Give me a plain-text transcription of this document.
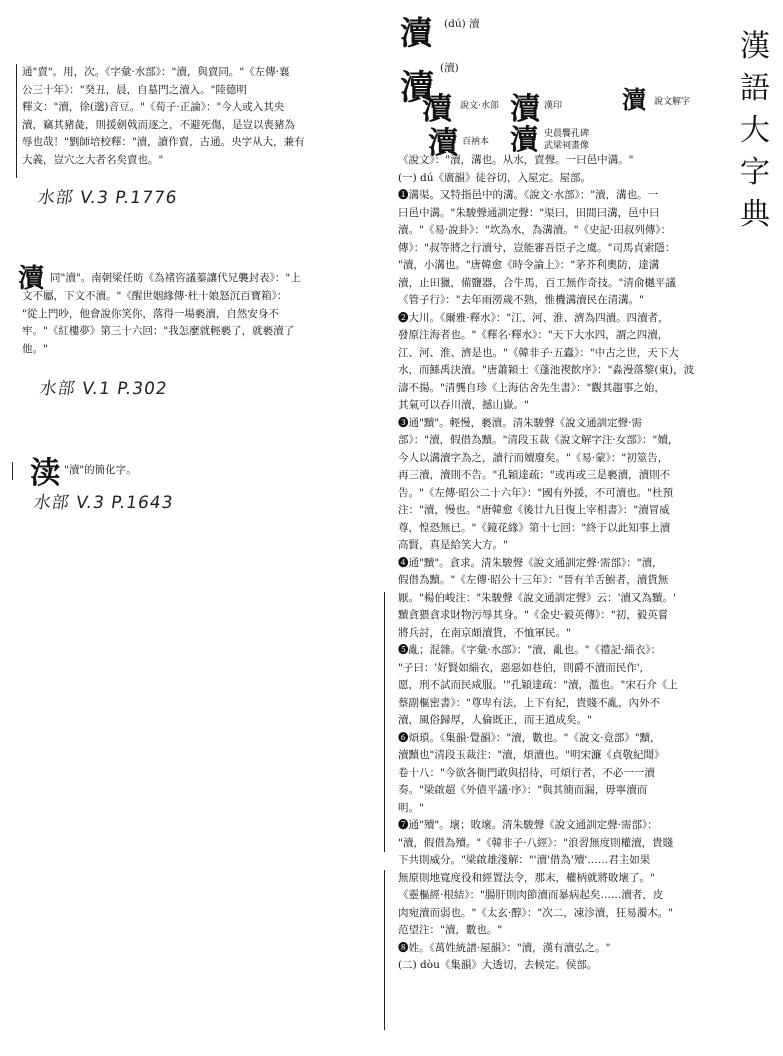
通"賣"。用，次。《字彙·水部》："瀆，與賣同。"《左傳·襄

公三十年》："癸丑，晨，自墓門之瀆入。"陸德明

釋文："瀆，徐(邈)音豆。"《荀子·正論》："今人或入其央

瀆，竊其豬彘，則援劍戟而逐之，不避死傷，是豈以喪豬為

辱也哉！"劉師培校釋："瀆，讀作賣，古通。央字从大，兼有

大義，豈穴之大者名矣賣也。"

水部 V.3 P.1776
瀆 同"瀆"。南朝梁任昉《為褚咨議蓁讓代兄襲封表》："上

文不屬，下文不瀆。"《醒世姻緣傳·杜十娘怒沉百寶箱》：

"從上門吵，他會說你笑你，落得一場褻瀆，自然安身不

牢。"《紅樓夢》第三十六回："我怎麼就輕褻了，就褻瀆了

他。"

水部 V.1 P.302
渎 "瀆"的簡化字。
水部 V.3 P.1643
瀆 (dú) 瀆
瀆 (瀆)
瀆 說文·水部 瀆 漢印 瀆 說文解字
瀆 百衲本 瀆 史晨饗孔碑
武梁祠畫像
漢
語
大
字
典

《說文》："瀆，溝也。从水，賣聲。一曰邑中溝。"

(一) dú《廣韻》徒谷切，入屋定。屋部。

❶溝渠。又特指邑中的溝。《說文·水部》："瀆，溝也。一

曰邑中溝。"朱駿聲通訓定聲："渠曰，田間曰溝，邑中曰

瀆。"《易·說卦》："坎為水，為溝瀆。"《史記·田叔列傳》：

傳》："叔等將之行瀆兮，豈能審吾臣子之虞。"司馬貞索隱：

"瀆，小溝也。"唐韓愈《時令論上》："茅芥利奧防，達溝

瀆，止田獵，備鹽器，合牛馬，百工無作奇技。"清俞樾平議

《管子行》："去年雨澇歲不熟，惟機溝瀆民在清溝。"

❷大川。《爾雅·釋水》："江、河、淮、濟為四瀆。四瀆者，

發原注海者也。"《釋名·釋水》："天下大水四，謂之四瀆，

江、河、淮、濟是也。"《韓非子·五蠹》："中古之世，天下大

水，而鯀禹決瀆。"唐蕭穎士《蓬池禊飲序》："淼漫落黎(東)，波

濤不揚。"清龔自珍《上海估舍先生書》："觀其趨事之始，

其氣可以吞川瀆，撼山嶽。"

❸通"黷"。輕慢，褻瀆。清朱駿聲《說文通訓定聲·需

部》："瀆，假借為黷。"清段玉裁《說文解字注·女部》："嬻，

今人以溝瀆字為之，讀行而嬻廢矣。"《易·蒙》："初筮告，

再三瀆，瀆則不告。"孔穎達疏："或再或三是褻瀆，瀆則不

告。"《左傳·昭公二十六年》："國有外援，不可瀆也。"杜預

注："瀆，慢也。"唐韓愈《後廿九日復上宰相書》："瀆冒威

尊，惶恐無已。"《鏡花緣》第十七回："終于以此知事上瀆

高賢，真是給笑大方。"

❹通"黷"。貪求。清朱駿聲《說文通訓定聲·需部》："瀆，

假借為黷。"《左傳·昭公十三年》："晉有羊舌鮒者，瀆貨無

厭。"楊伯峻注："朱駿聲《說文通訓定聲》云：'瀆又為黷。'

黷貪猥貪求財物污辱其身。"《金史·毅英傳》："初，毅英嘗

將兵討，在南京頗瀆貨，不恤軍民。"

❺亂；混雜。《字彙·水部》："瀆，亂也。"《禮記·緇衣》：

"子曰：'好賢如緇衣，惡惡如巷伯，則爵不瀆而民作',

愿，刑不試而民咸服。'"孔穎達疏："瀆，濫也。"宋石介《上

蔡副樞密書》："尊卑有法，上下有紀，貴賤不亂，內外不

瀆，風俗歸厚，人倫既正，而王道成矣。"

❻煩瑣。《集韻·覺韻》："瀆，數也。"《說文·竟部》"黷，

瀆黷也"清段玉裁注："瀆，煩瀆也。"明宋濂《貞敬紀聞》

卷十八："今欲各衙門敢與招待，可煩行者，不必一一瀆

奏。"梁啟超《外債平議·序》："與其簡而漏，毋寧瀆而

明。"

❼通"殰"。壞；敗壞。清朱駿聲《說文通訓定聲·需部》：

"瀆，假借為殰。"《韓非子·八經》："浪習無度則權瀆，貴賤

下共則威分。"梁啟雄淺解："'瀆'借為'殰'……君主如果

無原則地寬度役和經置法令，那末，權柄就將敗壞了。"

《靈樞經·根結》："腸肝則肉節瀆而暴病起矣……瀆者，皮

肉宛瀆而弱也。"《太玄·醇》："次二，凍沴瀆，狂易濁木。"

范望注："瀆，數也。"

❽姓。《萬姓統譜·屋韻》："瀆，漢有瀆弘之。"

(二) dòu《集韻》大透切，去候定。侯部。
